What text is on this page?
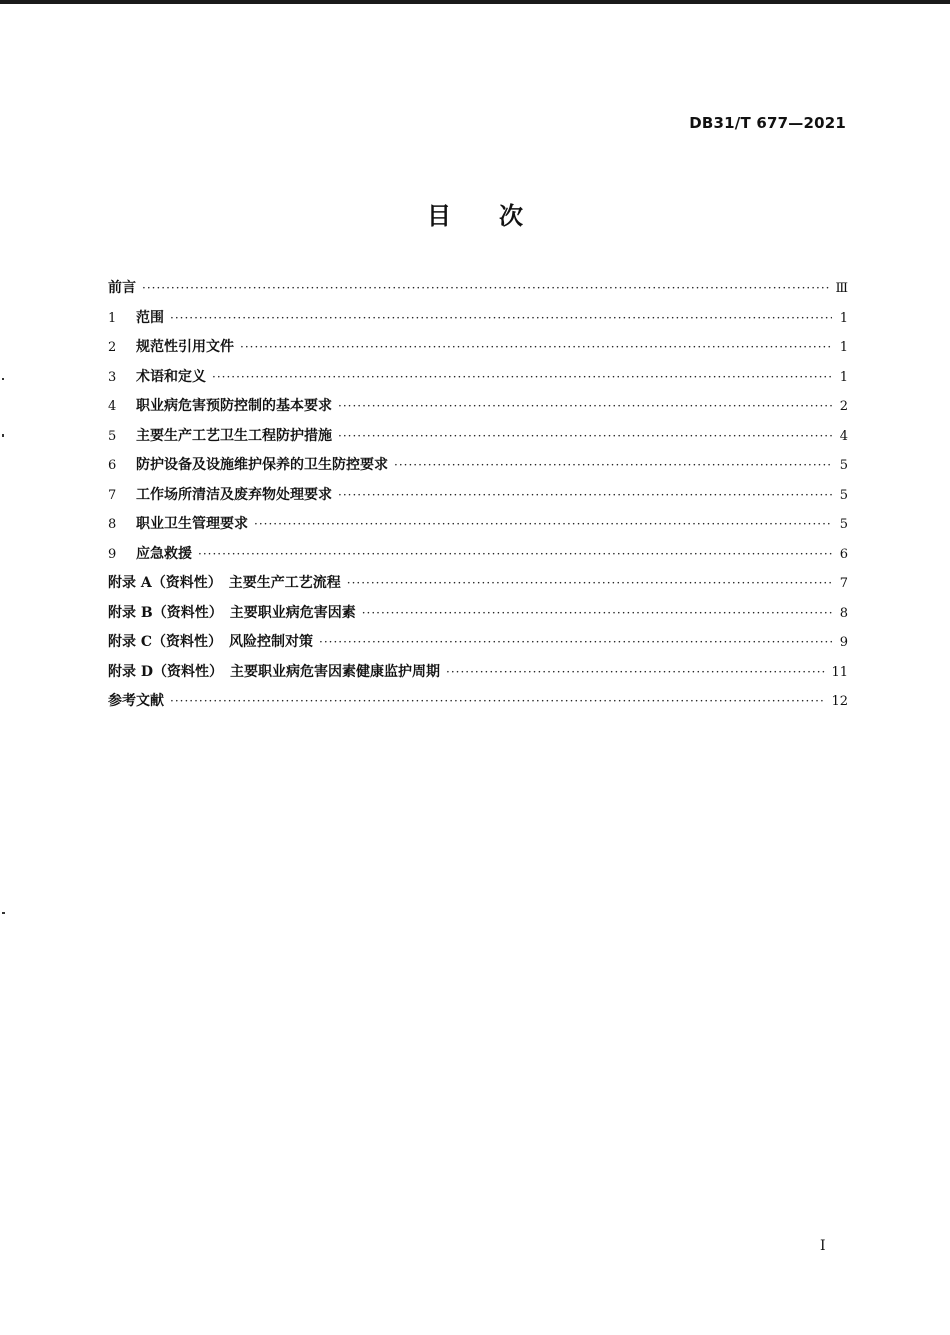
DB31/T 677—2021
目 次
前言 ·····	Ⅲ
1	范围 ·····	1
2	规范性引用文件 ·····	1
3	术语和定义 ·····	1
4	职业病危害预防控制的基本要求 ·····	2
5	主要生产工艺卫生工程防护措施 ·····	4
6	防护设备及设施维护保养的卫生防控要求 ·····	5
7	工作场所清洁及废弃物处理要求 ·····	5
8	职业卫生管理要求 ·····	5
9	应急救援 ·····	6
附录 A（资料性）　主要生产工艺流程 ·····	7
附录 B（资料性）　主要职业病危害因素 ·····	8
附录 C（资料性）　风险控制对策 ·····	9
附录 D（资料性）　主要职业病危害因素健康监护周期 ·····	11
参考文献 ·····	12
I
